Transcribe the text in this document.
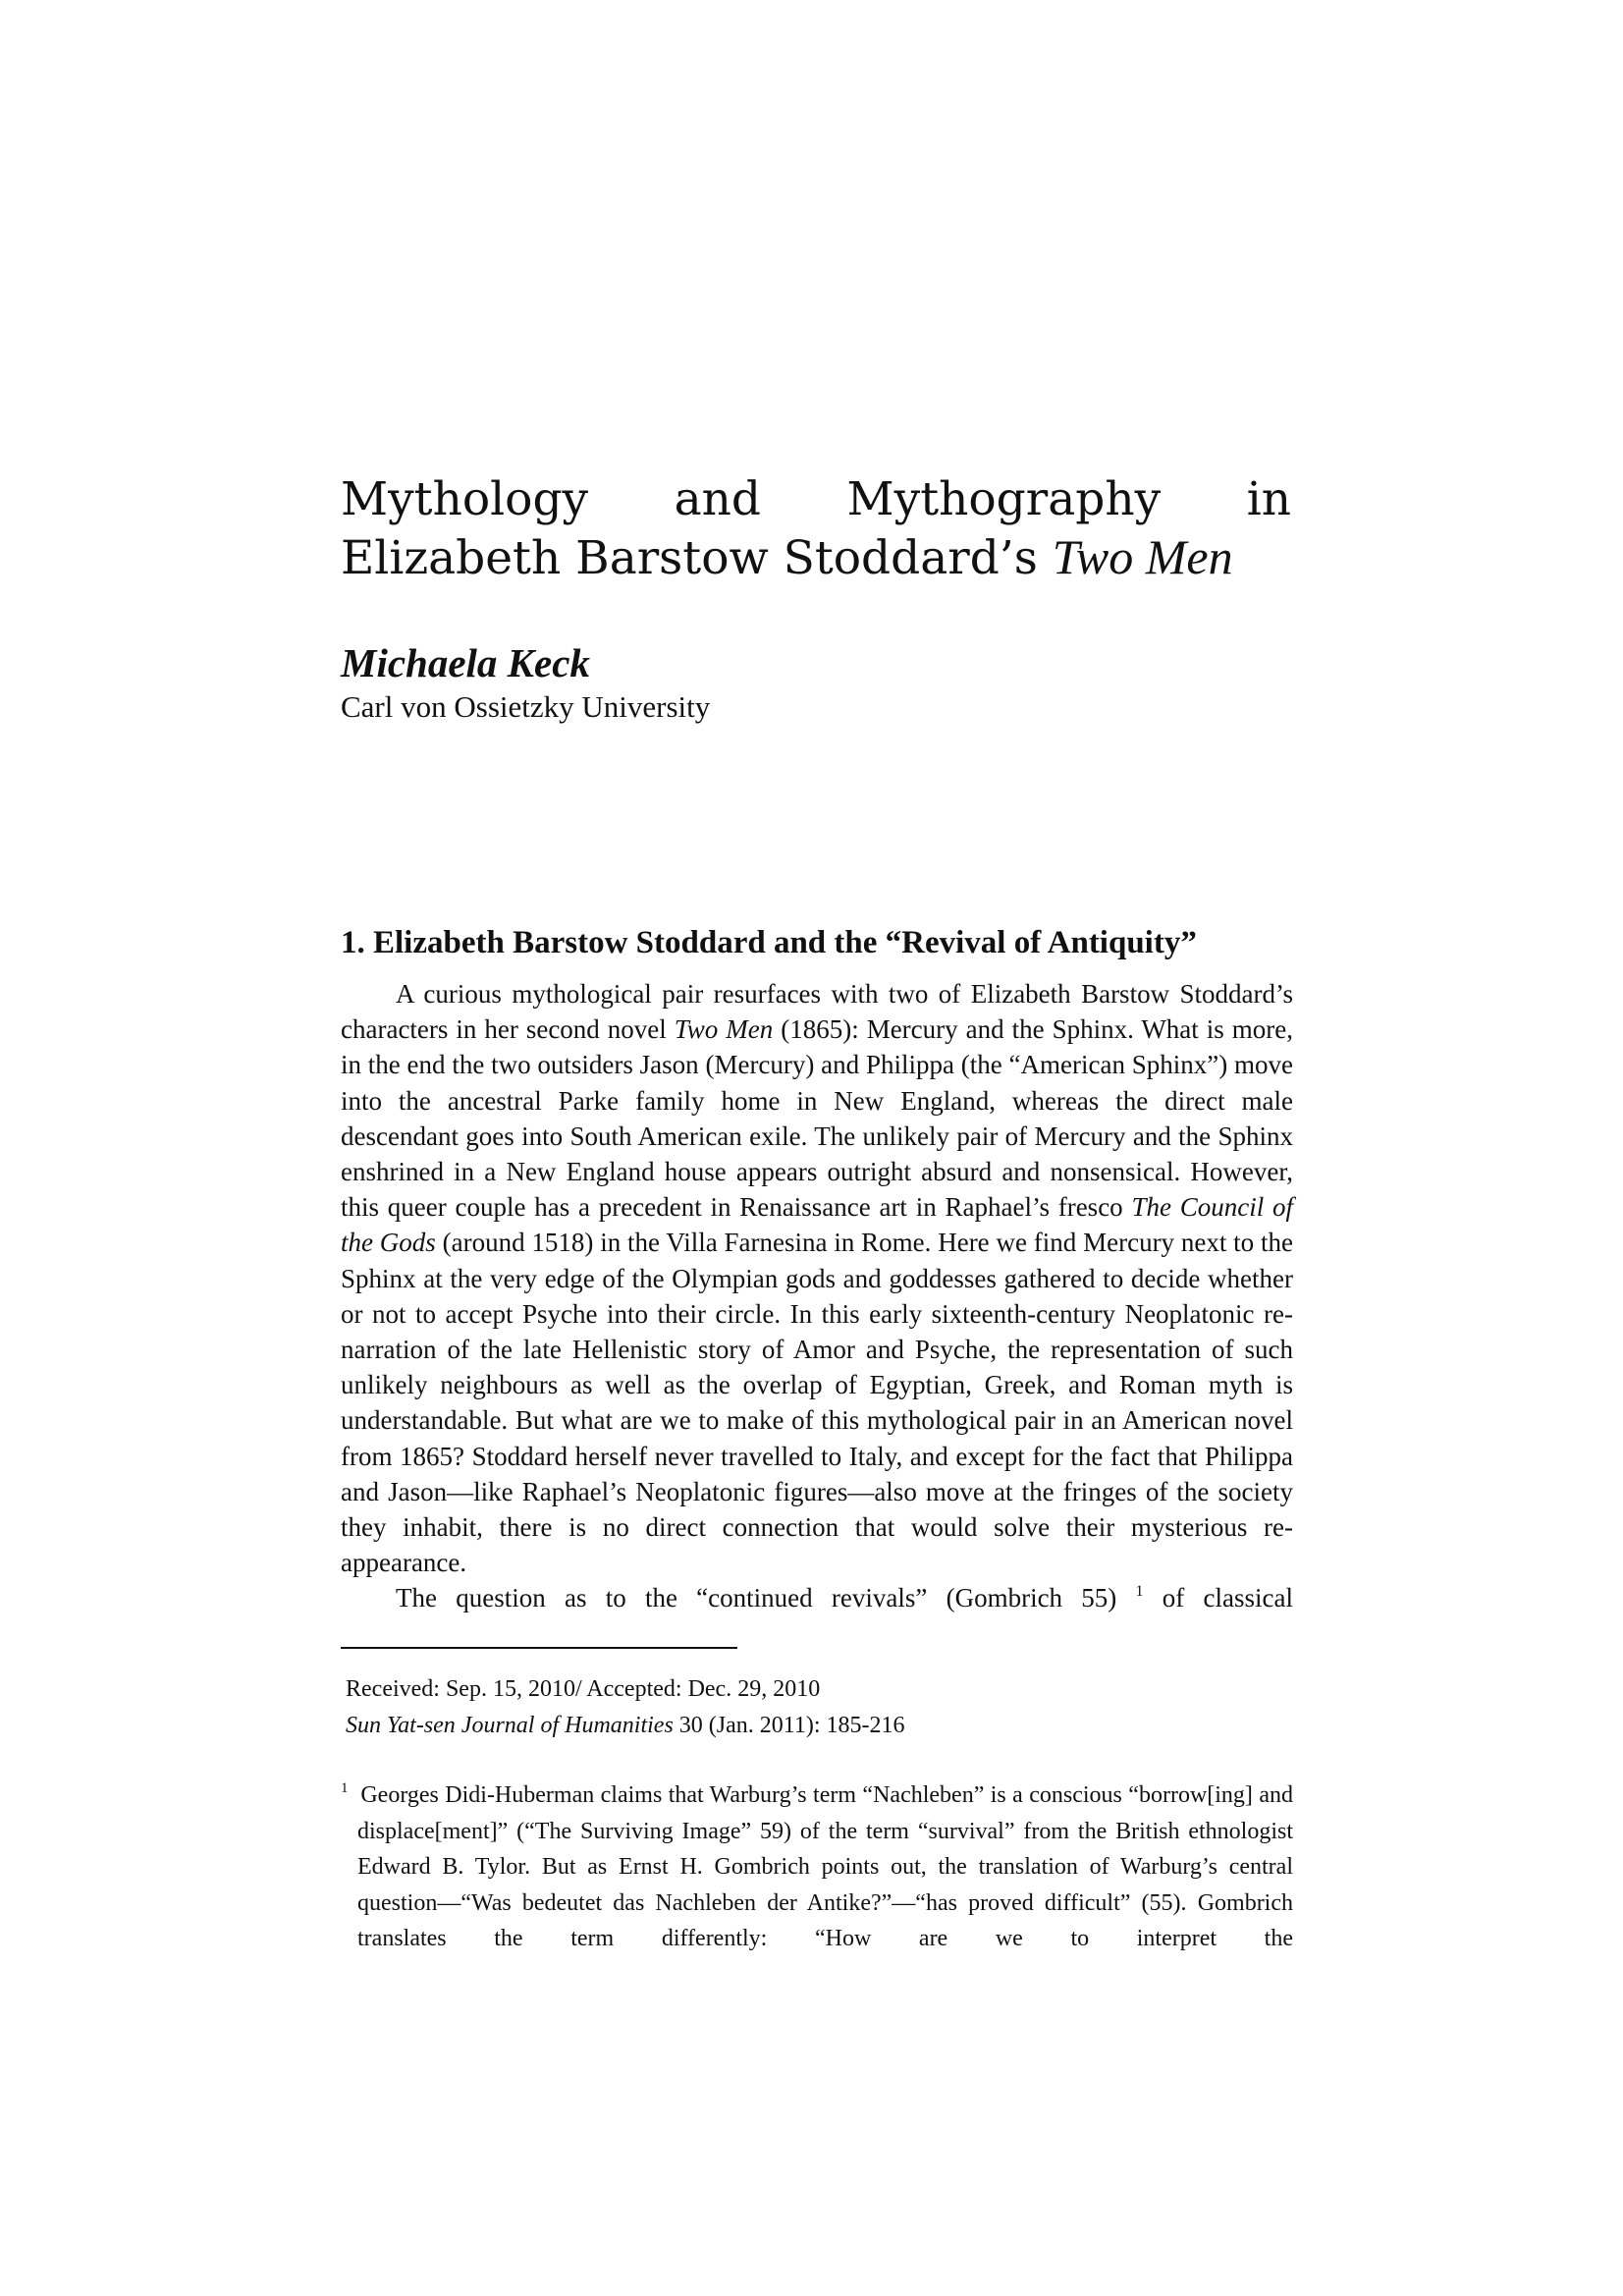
Mythology and Mythography in Elizabeth Barstow Stoddard’s Two Men

Michaela Keck

Carl von Ossietzky University

1. Elizabeth Barstow Stoddard and the “Revival of Antiquity”

A curious mythological pair resurfaces with two of Elizabeth Barstow Stoddard’s characters in her second novel Two Men (1865): Mercury and the Sphinx. What is more, in the end the two outsiders Jason (Mercury) and Philippa (the “American Sphinx”) move into the ancestral Parke family home in New England, whereas the direct male descendant goes into South American exile. The unlikely pair of Mercury and the Sphinx enshrined in a New England house appears outright absurd and nonsensical. However, this queer couple has a precedent in Renaissance art in Raphael’s fresco The Council of the Gods (around 1518) in the Villa Farnesina in Rome. Here we find Mercury next to the Sphinx at the very edge of the Olympian gods and goddesses gathered to decide whether or not to accept Psyche into their circle. In this early sixteenth-century Neoplatonic re-narration of the late Hellenistic story of Amor and Psyche, the representation of such unlikely neighbours as well as the overlap of Egyptian, Greek, and Roman myth is understandable. But what are we to make of this mythological pair in an American novel from 1865? Stoddard herself never travelled to Italy, and except for the fact that Philippa and Jason—like Raphael’s Neoplatonic figures—also move at the fringes of the society they inhabit, there is no direct connection that would solve their mysterious re-appearance.

The question as to the “continued revivals” (Gombrich 55) $^1$ of classical

Received: Sep. 15, 2010/ Accepted: Dec. 29, 2010
Sun Yat-sen Journal of Humanities 30 (Jan. 2011): 185-216
$^1$ Georges Didi-Huberman claims that Warburg’s term “Nachleben” is a conscious “borrow[ing] and displace[ment]” (“The Surviving Image” 59) of the term “survival” from the British ethnologist Edward B. Tylor. But as Ernst H. Gombrich points out, the translation of Warburg’s central question—“Was bedeutet das Nachleben der Antike?”—“has proved difficult” (55). Gombrich translates the term differently: “How are we to interpret the
